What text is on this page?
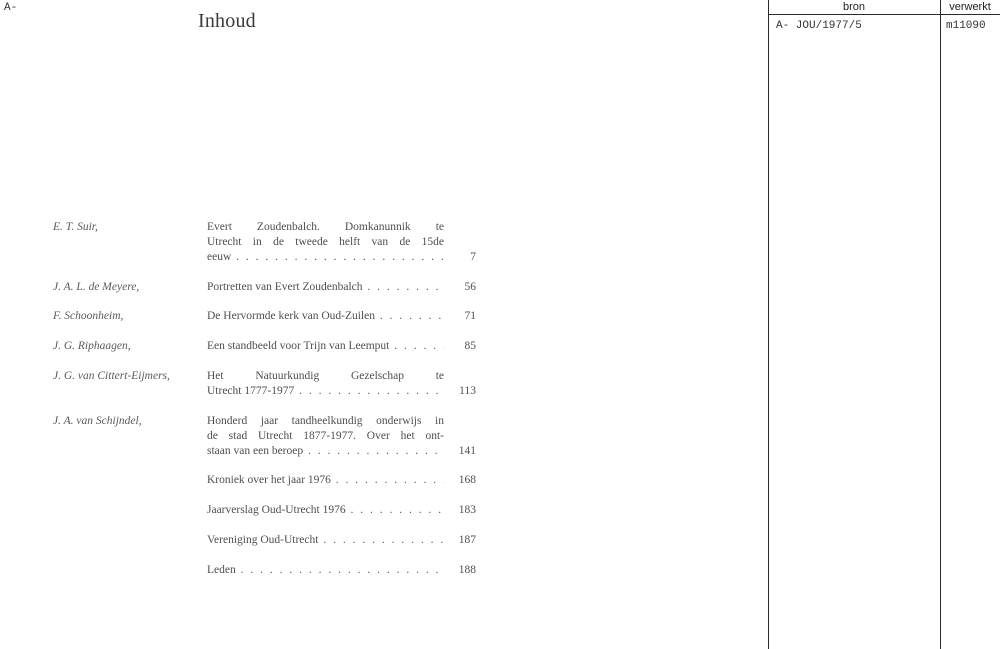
A-
Inhoud
E. T. Suir,	Evert Zoudenbalch. Domkanunnik te
Utrecht in de tweede helft van de 15de
eeuw . . .	7
J. A. L. de Meyere,	Portretten van Evert Zoudenbalch . . .	56
F. Schoonheim,	De Hervormde kerk van Oud-Zuilen . . .	71
J. G. Riphaagen,	Een standbeeld voor Trijn van Leemput . . .	85
J. G. van Cittert-Eijmers,	Het Natuurkundig Gezelschap te
Utrecht 1777-1977 . . .	113
J. A. van Schijndel,	Honderd jaar tandheelkundig onderwijs in
de stad Utrecht 1877-1977. Over het ont-
staan van een beroep . . .	141
Kroniek over het jaar 1976 . . .	168
Jaarverslag Oud-Utrecht 1976 . . .	183
Vereniging Oud-Utrecht . . .	187
Leden . . .	188
bron	verwerkt
A- JOU/1977/5	m11090
